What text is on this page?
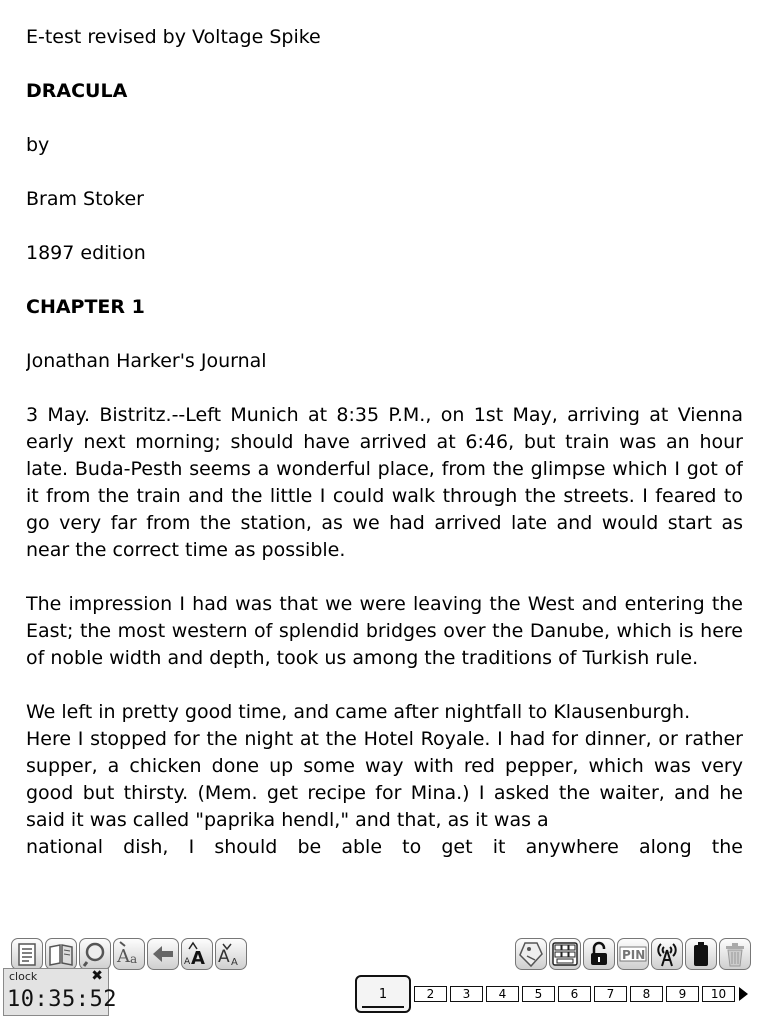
E-test revised by Voltage Spike

DRACULA

by

Bram Stoker

1897 edition

CHAPTER 1

Jonathan Harker's Journal

3 May. Bistritz.--Left Munich at 8:35 P.M., on 1st May, arriving at Vienna early next morning; should have arrived at 6:46, but train was an hour late. Buda-Pesth seems a wonderful place, from the glimpse which I got of it from the train and the little I could walk through the streets. I feared to go very far from the station, as we had arrived late and would start as near the correct time as possible.

The impression I had was that we were leaving the West and entering the East; the most western of splendid bridges over the Danube, which is here of noble width and depth, took us among the traditions of Turkish rule.

We left in pretty good time, and came after nightfall to Klausenburgh.

Here I stopped for the night at the Hotel Royale. I had for dinner, or rather supper, a chicken done up some way with red pepper, which was very good but thirsty. (Mem. get recipe for Mina.) I asked the waiter, and he said it was called "paprika hendl," and that, as it was a

national dish, I should be able to get it anywhere along the

A a	A A A A
PIN
clock	✖
10:35:52	1	2	3	4	5	6	7	8	9	10
